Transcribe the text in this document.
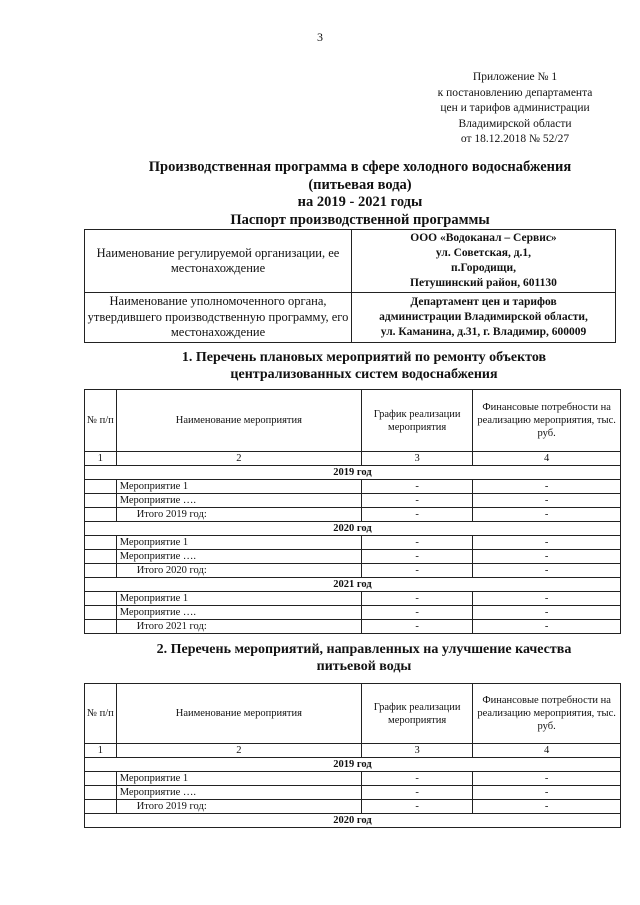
3
Приложение № 1
к постановлению департамента
цен и тарифов администрации
Владимирской области
от 18.12.2018 № 52/27
Производственная программа в сфере холодного водоснабжения
(питьевая вода)
на 2019 - 2021 годы
Паспорт производственной программы
Наименование регулируемой организации, ее местонахождение	ООО «Водоканал – Сервис»
ул. Советская, д.1,
п.Городищи,
Петушинский район, 601130

Наименование уполномоченного органа, утвердившего производственную программу, его местонахождение	Департамент цен и тарифов
администрации Владимирской области,
ул. Каманина, д.31, г. Владимир, 600009
1. Перечень плановых мероприятий по ремонту объектов
централизованных систем водоснабжения
№ п/п	Наименование мероприятия	График реализации мероприятия	Финансовые потребности на реализацию мероприятия, тыс. руб.
1	2	3	4
2019 год			
	Мероприятие 1	-	-
	Мероприятие ….	-	-
	Итого 2019 год:	-	-
2020 год			
	Мероприятие 1	-	-
	Мероприятие ….	-	-
	Итого 2020 год:	-	-
2021 год			
	Мероприятие 1	-	-
	Мероприятие ….	-	-
	Итого 2021 год:	-	-
2. Перечень мероприятий, направленных на улучшение качества
питьевой воды
№ п/п	Наименование мероприятия	График реализации мероприятия	Финансовые потребности на реализацию мероприятия, тыс. руб.
1	2	3	4
2019 год			
	Мероприятие 1	-	-
	Мероприятие ….	-	-
	Итого 2019 год:	-	-
2020 год			
